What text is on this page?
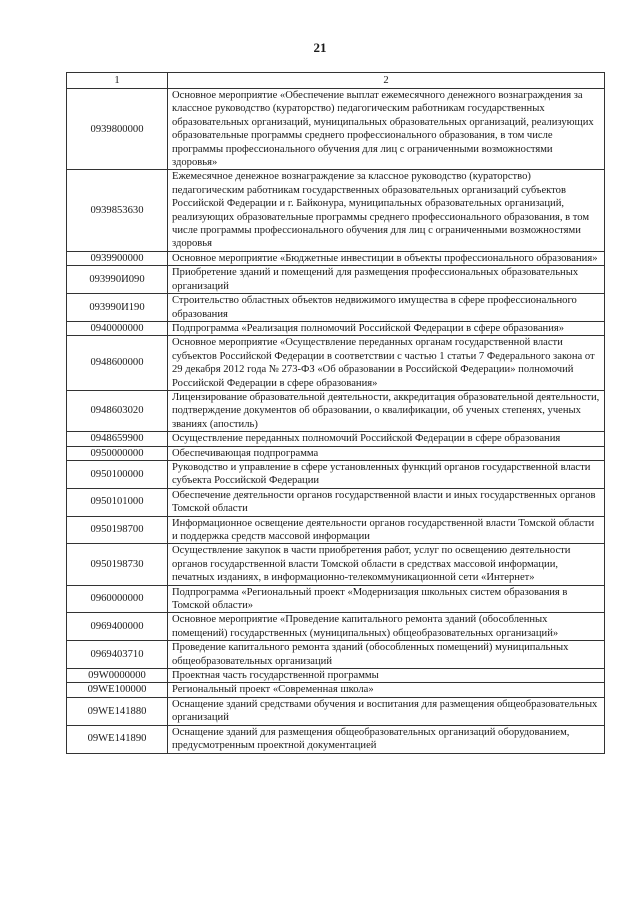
21
1	2
0939800000	Основное мероприятие «Обеспечение выплат ежемесячного денежного вознаграждения за классное руководство (кураторство) педагогическим работникам государственных образовательных организаций, муниципальных образовательных организаций, реализующих образовательные программы среднего профессионального образования, в том числе программы профессионального обучения для лиц с ограниченными возможностями здоровья»
0939853630	Ежемесячное денежное вознаграждение за классное руководство (кураторство) педагогическим работникам государственных образовательных организаций субъектов Российской Федерации и г. Байконура, муниципальных образовательных организаций, реализующих образовательные программы среднего профессионального образования, в том числе программы профессионального обучения для лиц с ограниченными возможностями здоровья
0939900000	Основное мероприятие «Бюджетные инвестиции в объекты профессионального образования»
093990И090	Приобретение зданий и помещений для размещения профессиональных образовательных организаций
093990И190	Строительство областных объектов недвижимого имущества в сфере профессионального образования
0940000000	Подпрограмма «Реализация полномочий Российской Федерации в сфере образования»
0948600000	Основное мероприятие «Осуществление переданных органам государственной власти субъектов Российской Федерации в соответствии с частью 1 статьи 7 Федерального закона от 29 декабря 2012 года № 273-ФЗ «Об образовании в Российской Федерации» полномочий Российской Федерации в сфере образования»
0948603020	Лицензирование образовательной деятельности, аккредитация образовательной деятельности, подтверждение документов об образовании, о квалификации, об ученых степенях, ученых званиях (апостиль)
0948659900	Осуществление переданных полномочий Российской Федерации в сфере образования
0950000000	Обеспечивающая подпрограмма
0950100000	Руководство и управление в сфере установленных функций органов государственной власти субъекта Российской Федерации
0950101000	Обеспечение деятельности органов государственной власти и иных государственных органов Томской области
0950198700	Информационное освещение деятельности органов государственной власти Томской области и поддержка средств массовой информации
0950198730	Осуществление закупок в части приобретения работ, услуг по освещению деятельности органов государственной власти Томской области в средствах массовой информации, печатных изданиях, в информационно-телекоммуникационной сети «Интернет»
0960000000	Подпрограмма «Региональный проект «Модернизация школьных систем образования в Томской области»
0969400000	Основное мероприятие «Проведение капитального ремонта зданий (обособленных помещений) государственных (муниципальных) общеобразовательных организаций»
0969403710	Проведение капитального ремонта зданий (обособленных помещений) муниципальных общеобразовательных организаций
09W0000000	Проектная часть государственной программы
09WE100000	Региональный проект «Современная школа»
09WE141880	Оснащение зданий средствами обучения и воспитания для размещения общеобразовательных организаций
09WE141890	Оснащение зданий для размещения общеобразовательных организаций оборудованием, предусмотренным проектной документацией
